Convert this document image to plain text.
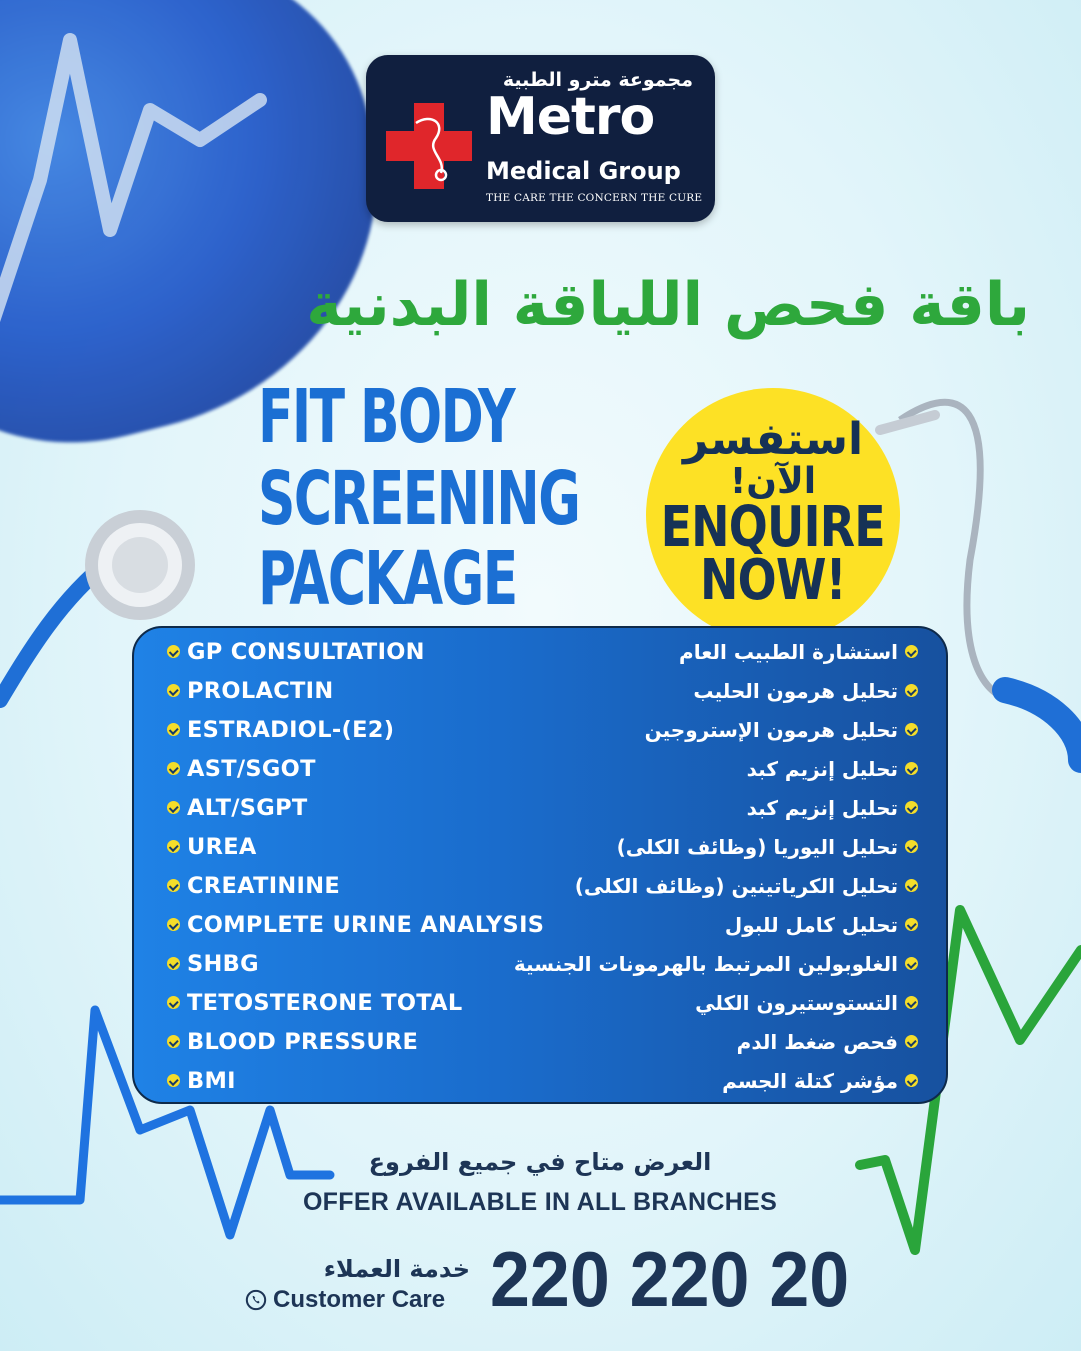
مجموعة مترو الطبية
Metro
Medical Group
THE CARE THE CONCERN THE CURE
باقة فحص اللياقة البدنية
FIT BODY
SCREENING
PACKAGE
استفسر
الآن!
ENQUIRE
NOW!
GP CONSULTATION	استشارة الطبيب العام
PROLACTIN	تحليل هرمون الحليب
ESTRADIOL-(E2)	تحليل هرمون الإستروجين
AST/SGOT	تحليل إنزيم كبد
ALT/SGPT	تحليل إنزيم كبد
UREA	تحليل اليوريا (وظائف الكلى)
CREATININE	تحليل الكرياتينين (وظائف الكلى)
COMPLETE URINE ANALYSIS	تحليل كامل للبول
SHBG	الغلوبولين المرتبط بالهرمونات الجنسية
TETOSTERONE TOTAL	التستوستيرون الكلي
BLOOD PRESSURE	فحص ضغط الدم
BMI	مؤشر كتلة الجسم
العرض متاح في جميع الفروع
OFFER AVAILABLE IN ALL BRANCHES
خدمة العملاء
Customer Care 220 220 20
